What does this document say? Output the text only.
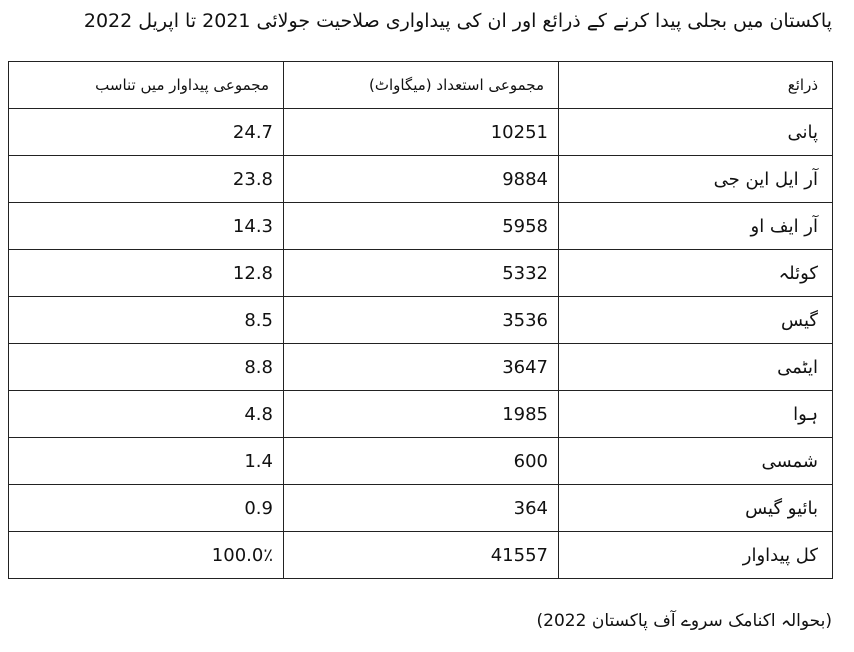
پاکستان میں بجلی پیدا کرنے کے ذرائع اور ان کی پیداواری صلاحیت جولائی 2021 تا اپریل 2022
مجموعی پیداوار میں تناسب	مجموعی استعداد (میگاواٹ)	ذرائع
24.7	10251	پانی
23.8	9884	آر ایل این جی
14.3	5958	آر ایف او
12.8	5332	کوئلہ
8.5	3536	گیس
8.8	3647	ایٹمی
4.8	1985	ہوا
1.4	600	شمسی
0.9	364	بائیو گیس
100.0٪	41557	کل پیداوار
(بحوالہ اکنامک سروے آف پاکستان 2022)
